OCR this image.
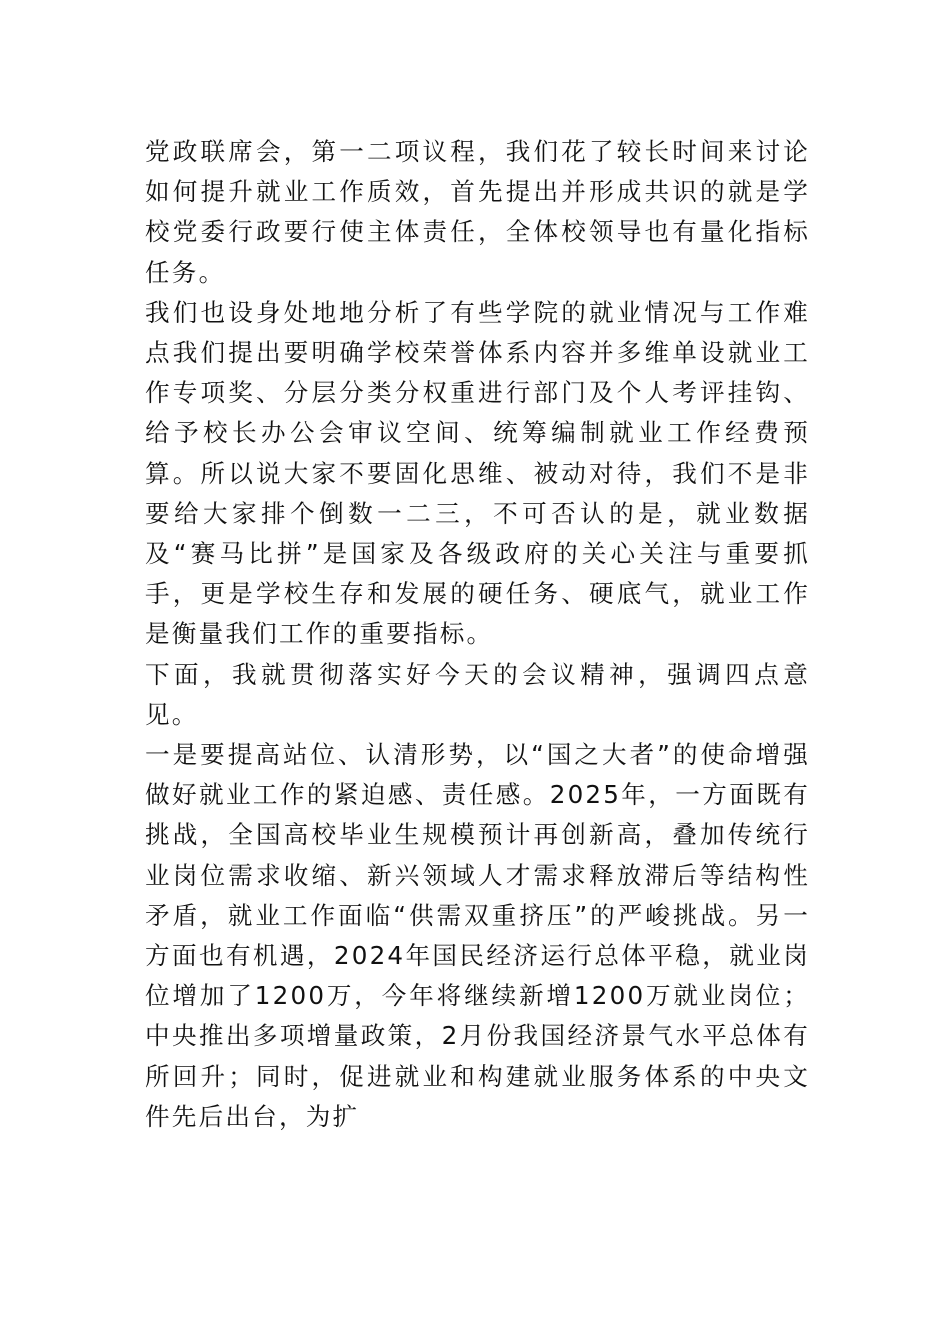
党政联席会，第一二项议程，我们花了较长时间来讨论如何提升就业工作质效，首先提出并形成共识的就是学校党委行政要行使主体责任，全体校领导也有量化指标任务。

我们也设身处地地分析了有些学院的就业情况与工作难点我们提出要明确学校荣誉体系内容并多维单设就业工作专项奖、分层分类分权重进行部门及个人考评挂钩、给予校长办公会审议空间、统筹编制就业工作经费预算。所以说大家不要固化思维、被动对待，我们不是非要给大家排个倒数一二三，不可否认的是，就业数据及“赛马比拼”是国家及各级政府的关心关注与重要抓手，更是学校生存和发展的硬任务、硬底气，就业工作是衡量我们工作的重要指标。

下面，我就贯彻落实好今天的会议精神，强调四点意见。

一是要提高站位、认清形势，以“国之大者”的使命增强做好就业工作的紧迫感、责任感。2025年，一方面既有挑战，全国高校毕业生规模预计再创新高，叠加传统行业岗位需求收缩、新兴领域人才需求释放滞后等结构性矛盾，就业工作面临“供需双重挤压”的严峻挑战。另一方面也有机遇，2024年国民经济运行总体平稳，就业岗位增加了1200万，今年将继续新增1200万就业岗位；中央推出多项增量政策，2月份我国经济景气水平总体有所回升；同时，促进就业和构建就业服务体系的中央文件先后出台，为扩
